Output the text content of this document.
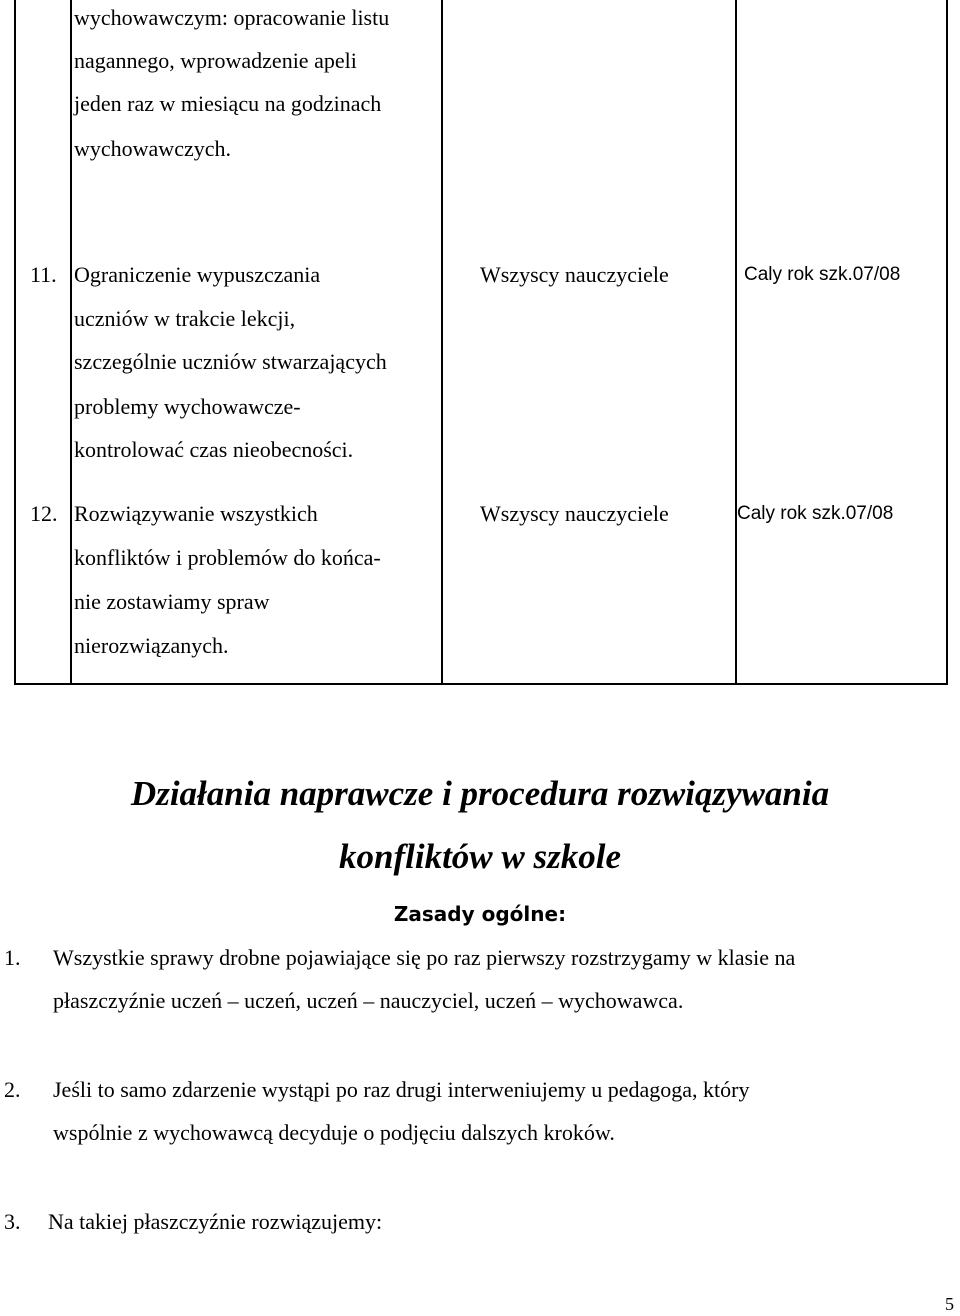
wychowawczym: opracowanie listu
nagannego, wprowadzenie apeli
jeden raz w miesiącu na godzinach
wychowawczych.
11. Ograniczenie wypuszczania
uczniów w trakcie lekcji,
szczególnie uczniów stwarzających
problemy wychowawcze-
kontrolować czas nieobecności.
Wszyscy nauczyciele	Caly rok szk.07/08
12. Rozwiązywanie wszystkich
konfliktów i problemów do końca-
nie zostawiamy spraw
nierozwiązanych.
Wszyscy nauczyciele	Caly rok szk.07/08
Działania naprawcze i procedura rozwiązywania
konfliktów w szkole
Zasady ogólne:
1. Wszystkie sprawy drobne pojawiające się po raz pierwszy rozstrzygamy w klasie na
płaszczyźnie uczeń – uczeń, uczeń – nauczyciel, uczeń – wychowawca.
2. Jeśli to samo zdarzenie wystąpi po raz drugi interweniujemy u pedagoga, który
wspólnie z wychowawcą decyduje o podjęciu dalszych kroków.
3. Na takiej płaszczyźnie rozwiązujemy:
5
